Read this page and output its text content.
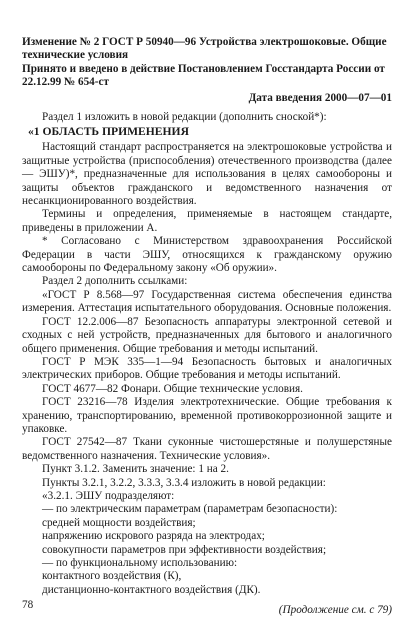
Изменение № 2 ГОСТ Р 50940—96 Устройства электрошоковые. Общие технические условия
Принято и введено в действие Постановлением Госстандарта России от 22.12.99 № 654-ст
Дата введения 2000—07—01

Раздел 1 изложить в новой редакции (дополнить сноской*):

«1 ОБЛАСТЬ ПРИМЕНЕНИЯ

Настоящий стандарт распространяется на электрошоковые устройства и защитные устройства (приспособления) отечественного производства (далее — ЭШУ)*, предназначенные для использования в целях самообороны и защиты объектов гражданского и ведомственного назначения от несанкционированного воздействия.

Термины и определения, применяемые в настоящем стандарте, приведены в приложении А.

* Согласовано с Министерством здравоохранения Российской Федерации в части ЭШУ, относящихся к гражданскому оружию самообороны по Федеральному закону «Об оружии».

Раздел 2 дополнить ссылками:

«ГОСТ Р 8.568—97 Государственная система обеспечения единства измерения. Аттестация испытательного оборудования. Основные положения.

ГОСТ 12.2.006—87 Безопасность аппаратуры электронной сетевой и сходных с ней устройств, предназначенных для бытового и аналогичного общего применения. Общие требования и методы испытаний.

ГОСТ Р МЭК 335—1—94 Безопасность бытовых и аналогичных электрических приборов. Общие требования и методы испытаний.

ГОСТ 4677—82 Фонари. Общие технические условия.

ГОСТ 23216—78 Изделия электротехнические. Общие требования к хранению, транспортированию, временной противокоррозионной защите и упаковке.

ГОСТ 27542—87 Ткани суконные чистошерстяные и полушерстяные ведомственного назначения. Технические условия».

Пункт 3.1.2. Заменить значение: 1 на 2.

Пункты 3.2.1, 3.2.2, 3.3.3, 3.3.4 изложить в новой редакции:

«3.2.1. ЭШУ подразделяют:

— по электрическим параметрам (параметрам безопасности):
средней мощности воздействия;
напряжению искрового разряда на электродах;
совокупности параметров при эффективности воздействия;
— по функциональному использованию:
контактного воздействия (К),
дистанционно-контактного воздействия (ДК).
(Продолжение см. с 79)
78
